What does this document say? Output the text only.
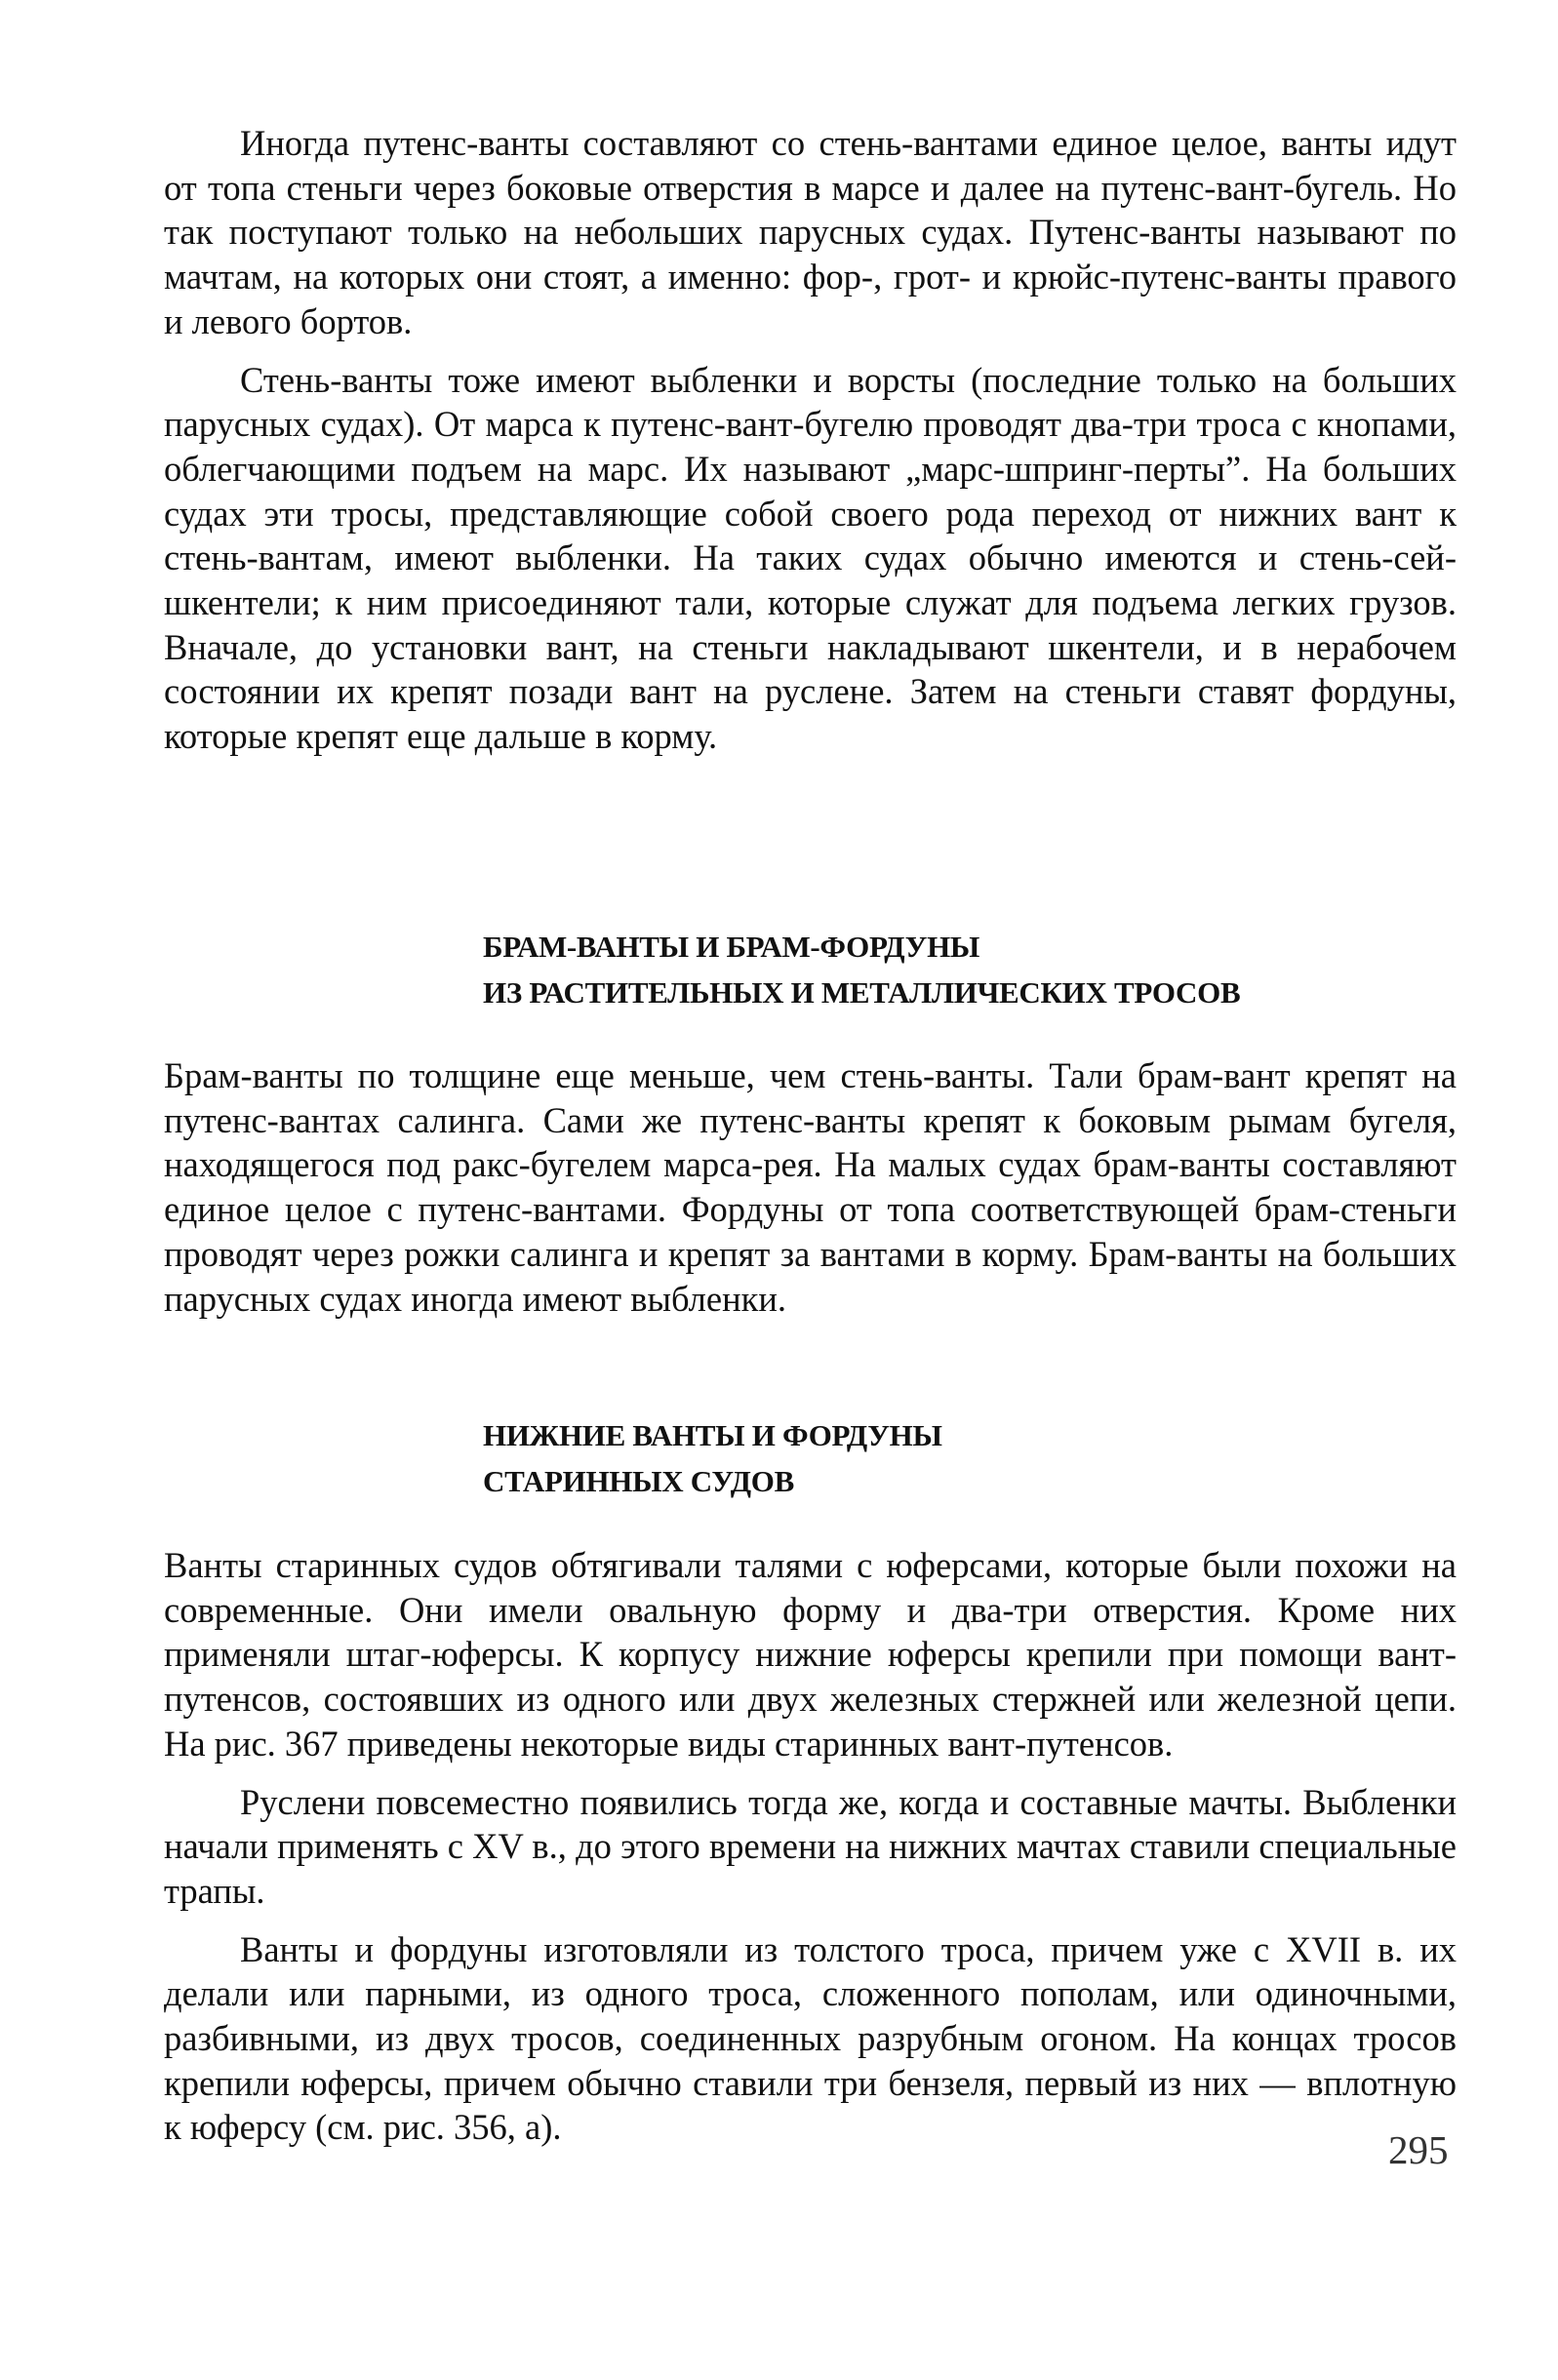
Иногда путенс-ванты составляют со стень-вантами единое целое, ванты идут от топа стеньги через боковые отверстия в марсе и далее на путенс-вант-бугель. Но так поступают только на небольших парусных судах. Путенс-ванты называют по мачтам, на которых они стоят, а именно: фор-, грот- и крюйс-путенс-ванты правого и левого бортов.

Стень-ванты тоже имеют выбленки и ворсты (последние только на больших парусных судах). От марса к путенс-вант-бугелю проводят два-три троса с кнопами, облегчающими подъем на марс. Их называют „марс-шпринг-перты”. На больших судах эти тросы, представляющие собой своего рода переход от нижних вант к стень-вантам, имеют выбленки. На таких судах обычно имеются и стень-сей-шкентели; к ним присоединяют тали, которые служат для подъема легких грузов. Вначале, до установки вант, на стеньги накладывают шкентели, и в нерабочем состоянии их крепят позади вант на руслене. Затем на стеньги ставят фордуны, которые крепят еще дальше в корму.

БРАМ-ВАНТЫ И БРАМ-ФОРДУНЫ
ИЗ РАСТИТЕЛЬНЫХ И МЕТАЛЛИЧЕСКИХ ТРОСОВ

Брам-ванты по толщине еще меньше, чем стень-ванты. Тали брам-вант крепят на путенс-вантах салинга. Сами же путенс-ванты крепят к боковым рымам бугеля, находящегося под ракс-бугелем марса-рея. На малых судах брам-ванты составляют единое целое с путенс-вантами. Фордуны от топа соответствующей брам-стеньги проводят через рожки салинга и крепят за вантами в корму. Брам-ванты на больших парусных судах иногда имеют выбленки.

НИЖНИЕ ВАНТЫ И ФОРДУНЫ
СТАРИННЫХ СУДОВ

Ванты старинных судов обтягивали талями с юферсами, которые были похожи на современные. Они имели овальную форму и два-три отверстия. Кроме них применяли штаг-юферсы. К корпусу нижние юферсы крепили при помощи вант-путенсов, состоявших из одного или двух железных стержней или железной цепи. На рис. 367 приведены некоторые виды старинных вант-путенсов.

Руслени повсеместно появились тогда же, когда и составные мачты. Выбленки начали применять с XV в., до этого времени на нижних мачтах ставили специальные трапы.

Ванты и фордуны изготовляли из толстого троса, причем уже с XVII в. их делали или парными, из одного троса, сложенного пополам, или одиночными, разбивными, из двух тросов, соединенных разрубным огоном. На концах тросов крепили юферсы, причем обычно ставили три бензеля, первый из них — вплотную к юферсу (см. рис. 356, а).

295
